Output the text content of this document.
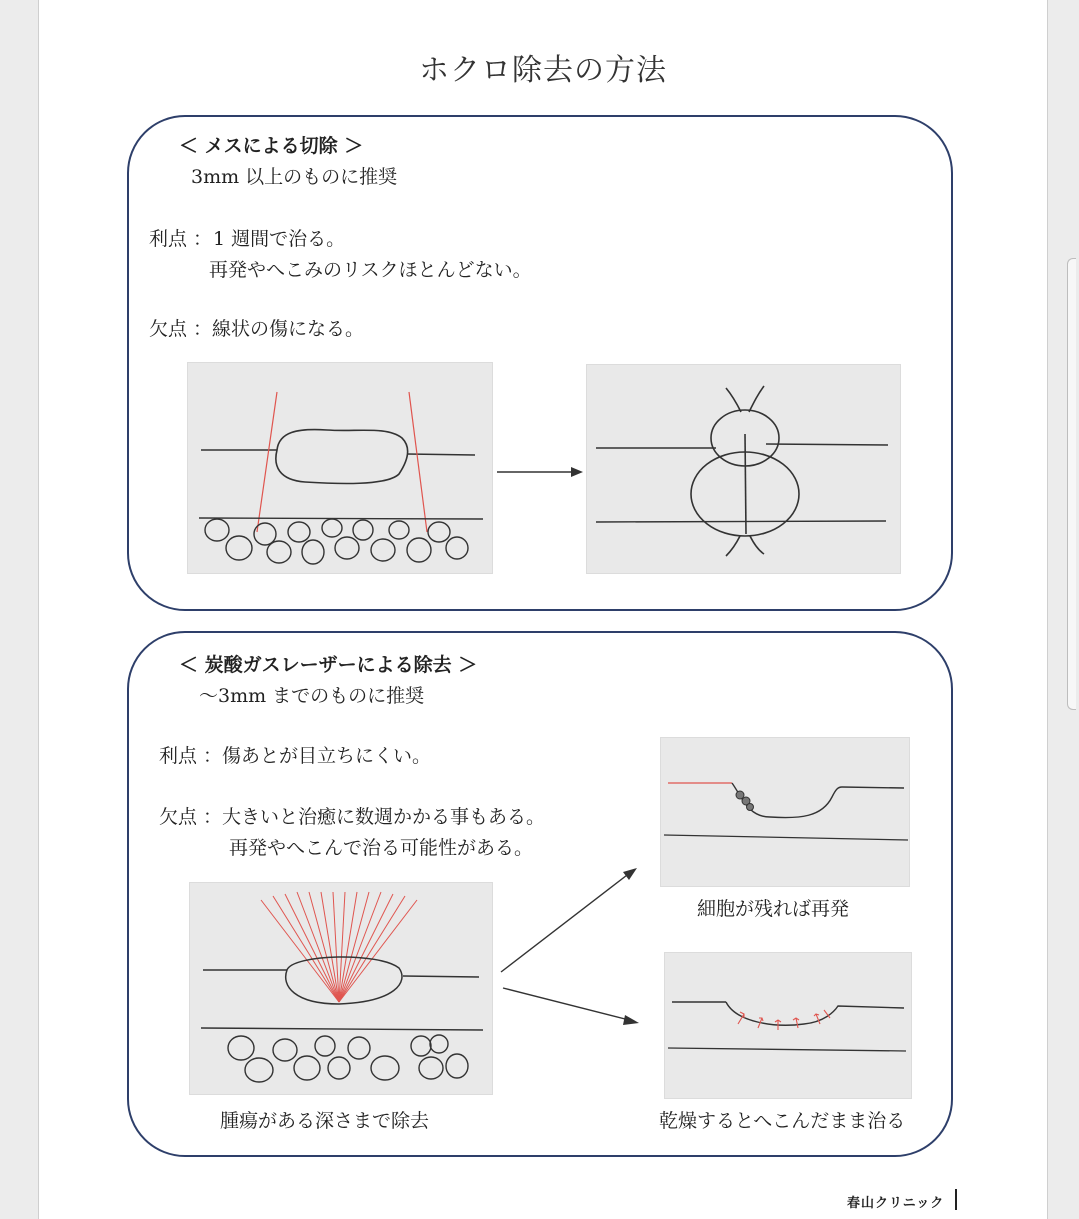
ホクロ除去の方法
＜ メスによる切除 ＞
3mm 以上のものに推奨
利点 ： 1 週間で治る。
再発やへこみのリスクほとんどない。
欠点 ：線状の傷になる。
＜ 炭酸ガスレーザーによる除去 ＞
～3mm までのものに推奨
利点 ：傷あとが目立ちにくい。
欠点 ：大きいと治癒に数週かかる事もある。
再発やへこんで治る可能性がある。
腫瘍がある深さまで除去
細胞が残れば再発
乾燥するとへこんだまま治る
春山クリニック
